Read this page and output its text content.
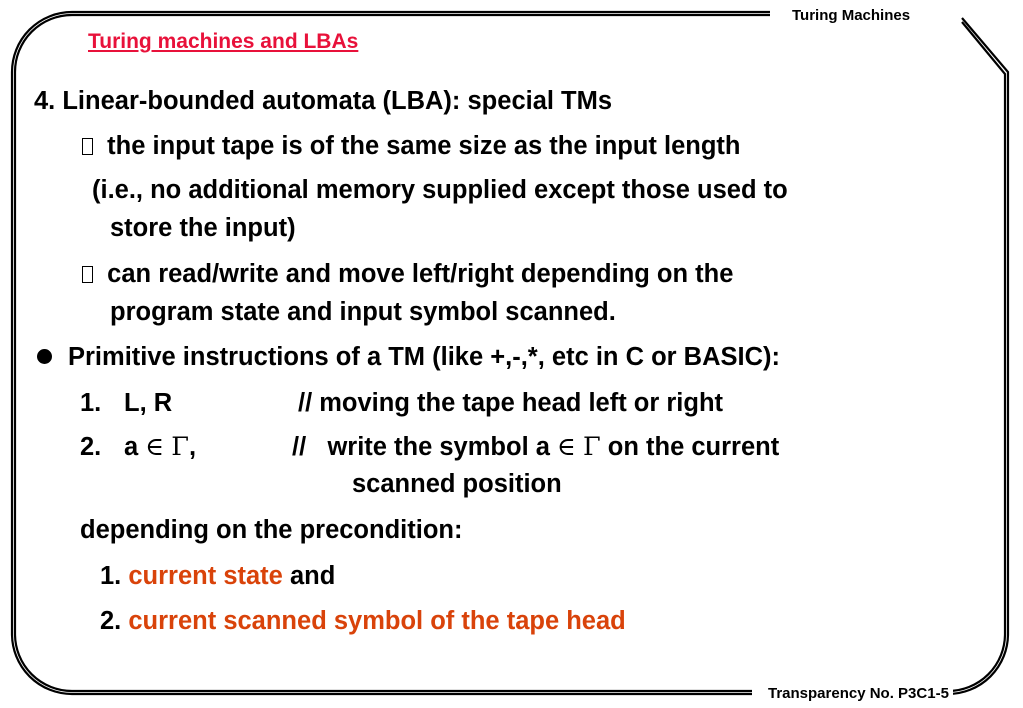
Turing Machines
Transparency No. P3C1-5
Turing machines and LBAs
4. Linear-bounded automata (LBA): special TMs
the input tape is of the same size as the input length
(i.e., no additional memory supplied except those used to
store the input)
can read/write and move left/right depending on the
program state and input symbol scanned.
Primitive instructions of a TM (like +,-,*, etc in C or BASIC):
1. L, R	// moving the tape head left or right
2. a ∈ Γ,	// write the symbol a ∈ Γ on the current
scanned position
depending on the precondition:
1. current state and
2. current scanned symbol of the tape head
